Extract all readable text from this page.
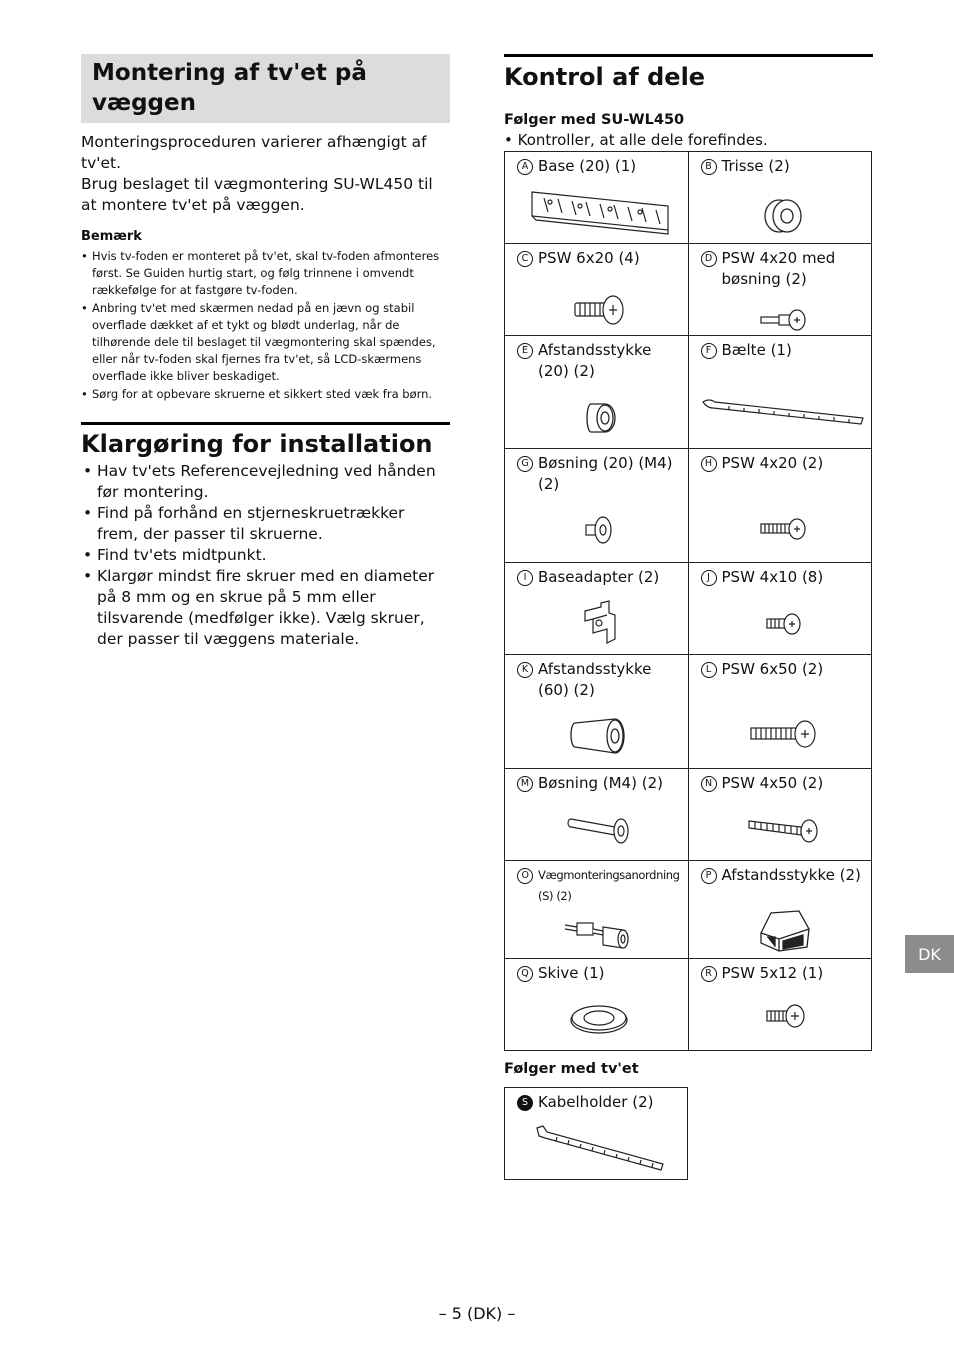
Montering af tv'et på væggen

Monteringsproceduren varierer afhængigt af tv'et.

Brug beslaget til vægmontering SU-WL450 til at montere tv'et på væggen.

Bemærk
• Hvis tv-foden er monteret på tv'et, skal tv-foden afmonteres først. Se Guiden hurtig start, og følg trinnene i omvendt rækkefølge for at fastgøre tv-foden.
• Anbring tv'et med skærmen nedad på en jævn og stabil overflade dækket af et tykt og blødt underlag, når de tilhørende dele til beslaget til vægmontering skal spændes, eller når tv-foden skal fjernes fra tv'et, så LCD-skærmens overflade ikke bliver beskadiget.
• Sørg for at opbevare skruerne et sikkert sted væk fra børn.
Klargøring for installation
• Hav tv'ets Referencevejledning ved hånden før montering.
• Find på forhånd en stjerneskruetrækker frem, der passer til skruerne.
• Find tv'ets midtpunkt.
• Klargør mindst fire skruer med en diameter på 8 mm og en skrue på 5 mm eller tilsvarende (medfølger ikke). Vælg skruer, der passer til væggens materiale.
Kontrol af dele
Følger med SU-WL450
• Kontroller, at alle dele forefindes.
A Base (20) (1)	B Trisse (2)

C PSW 6x20 (4)	D PSW 4x20 med bøsning (2)

E Afstandsstykke (20) (2)	F Bælte (1)

G Bøsning (20) (M4) (2)	H PSW 4x20 (2)

I Baseadapter (2)	J PSW 4x10 (8)

K Afstandsstykke (60) (2)	L PSW 6x50 (2)

M Bøsning (M4) (2)	N PSW 4x50 (2)

O Vægmonteringsanordning (S) (2)	P Afstandsstykke (2)

Q Skive (1)	R PSW 5x12 (1)
Følger med tv'et
S Kabelholder (2)
DK
– 5 (DK) –
